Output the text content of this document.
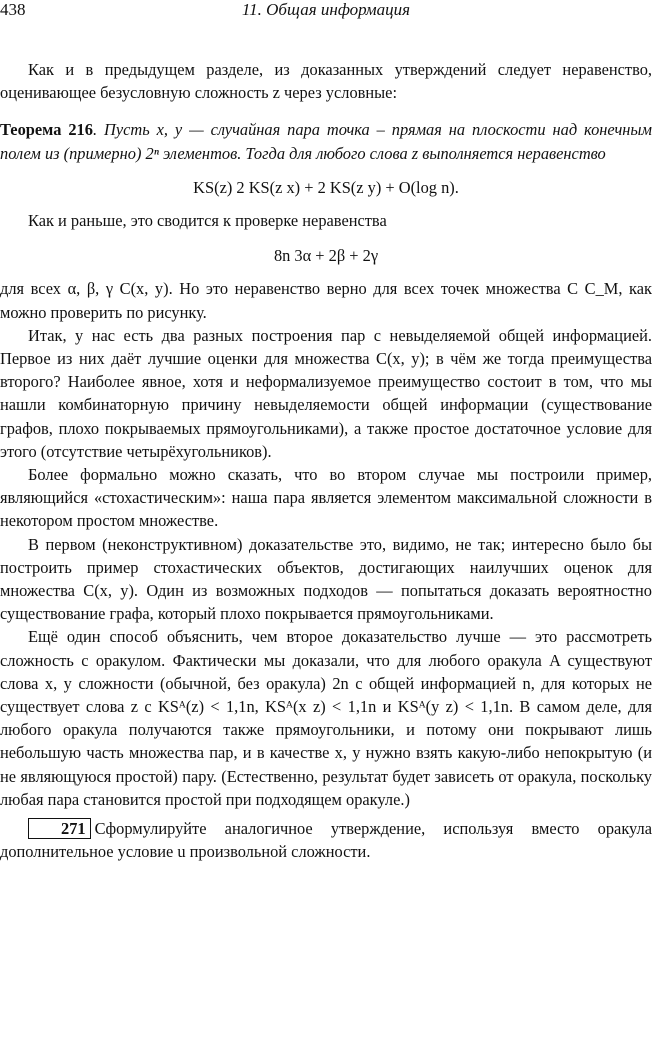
438	11. Общая информация

Как и в предыдущем разделе, из доказанных утверждений следует неравенство, оценивающее безусловную сложность z через условные:

Теорема 216. Пусть x, y — случайная пара точка – прямая на плоскости над конечным полем из (примерно) 2ⁿ элементов. Тогда для любого слова z выполняется неравенство

KS(z) 2 KS(z x) + 2 KS(z y) + O(log n).

Как и раньше, это сводится к проверке неравенства

8n 3α + 2β + 2γ

для всех α, β, γ C(x, y). Но это неравенство верно для всех точек множества C C_M, как можно проверить по рисунку.

Итак, у нас есть два разных построения пар с невыделяемой общей информацией. Первое из них даёт лучшие оценки для множества C(x, y); в чём же тогда преимущества второго? Наиболее явное, хотя и неформализуемое преимущество состоит в том, что мы нашли комбинаторную причину невыделяемости общей информации (существование графов, плохо покрываемых прямоугольниками), а также простое достаточное условие для этого (отсутствие четырёхугольников).

Более формально можно сказать, что во втором случае мы построили пример, являющийся «стохастическим»: наша пара является элементом максимальной сложности в некотором простом множестве.

В первом (неконструктивном) доказательстве это, видимо, не так; интересно было бы построить пример стохастических объектов, достигающих наилучших оценок для множества C(x, y). Один из возможных подходов — попытаться доказать вероятностно существование графа, который плохо покрывается прямоугольниками.

Ещё один способ объяснить, чем второе доказательство лучше — это рассмотреть сложность с оракулом. Фактически мы доказали, что для любого оракула A существуют слова x, y сложности (обычной, без оракула) 2n с общей информацией n, для которых не существует слова z с KSᴬ(z) < 1,1n, KSᴬ(x z) < 1,1n и KSᴬ(y z) < 1,1n. В самом деле, для любого оракула получаются также прямоугольники, и потому они покрывают лишь небольшую часть множества пар, и в качестве x, y нужно взять какую-либо непокрытую (и не являющуюся простой) пару. (Естественно, результат будет зависеть от оракула, поскольку любая пара становится простой при подходящем оракуле.)

271 Сформулируйте аналогичное утверждение, используя вместо оракула дополнительное условие u произвольной сложности.
